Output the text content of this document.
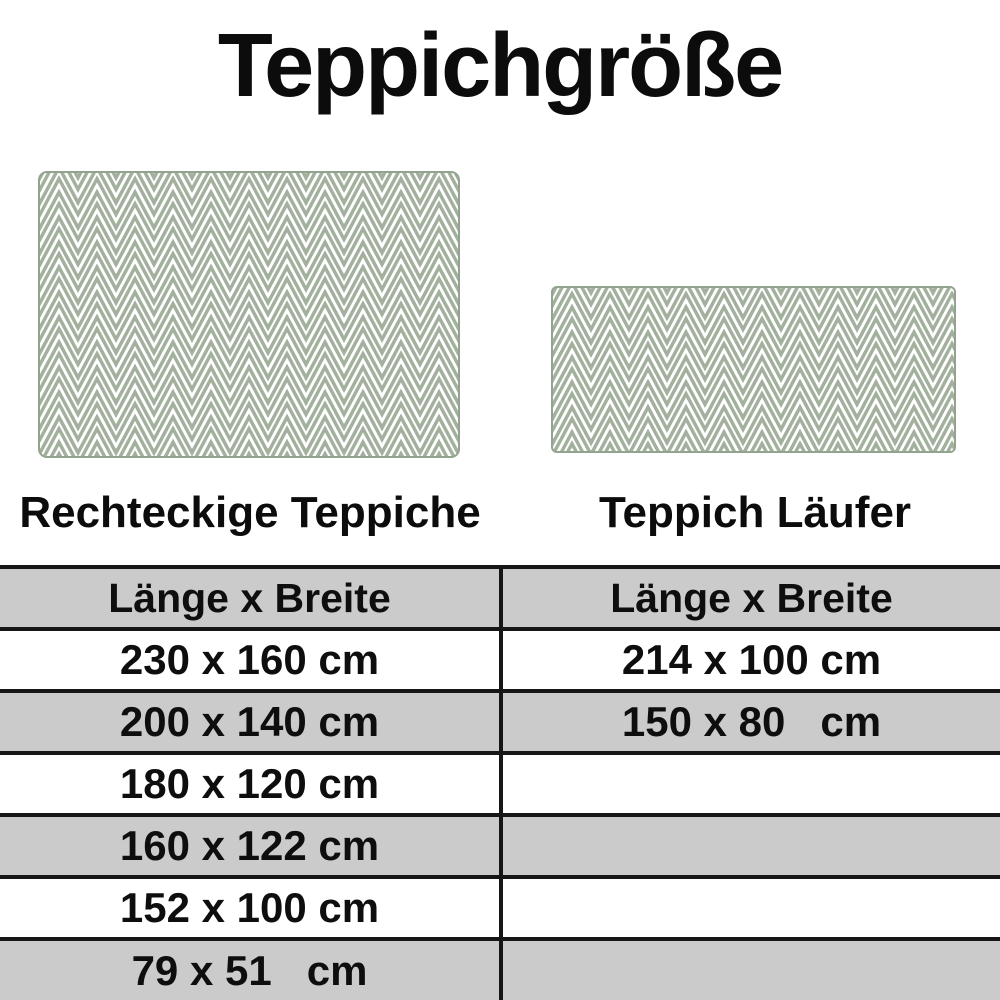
Teppichgröße
Rechteckige Teppiche	Teppich Läufer
Länge x Breite	Länge x Breite
230 x 160 cm	214 x 100 cm
200 x 140 cm	150 x 80   cm
180 x 120 cm
160 x 122 cm
152 x 100 cm
79 x 51   cm
